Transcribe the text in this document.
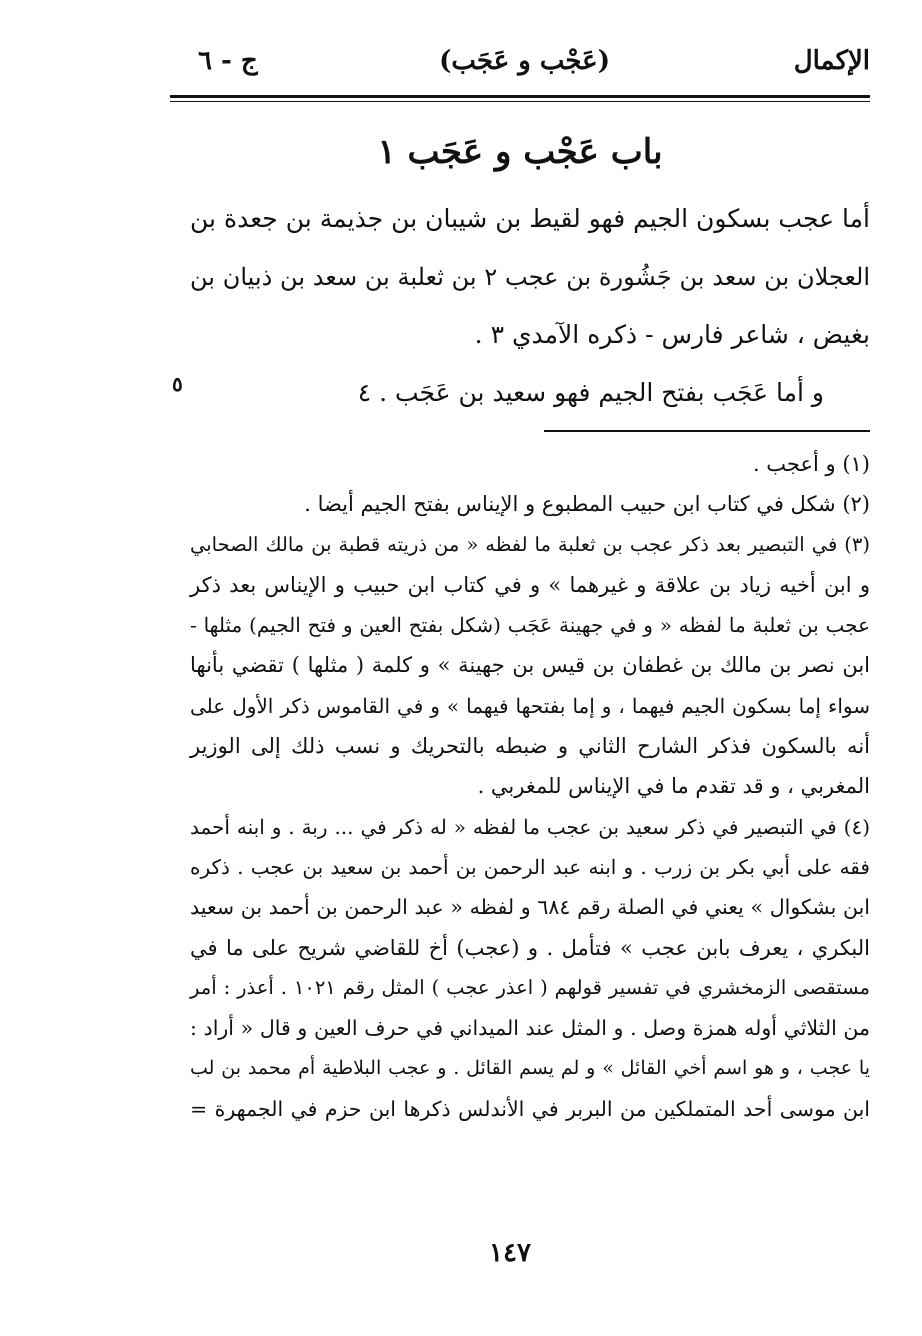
الإكمال
(عَجْب و عَجَب)
ج - ٦
باب عَجْب و عَجَب ١

أما عجب بسكون الجيم فهو لقيط بن شيبان بن جذيمة بن جعدة بن

العجلان بن سعد بن جَشُورة بن عجب ٢ بن ثعلبة بن سعد بن ذبيان بن

بغيض ، شاعر فارس - ذكره الآمدي ٣ .

و أما عَجَب بفتح الجيم فهو سعيد بن عَجَب . ٤

٥

(١) و أعجب .

(٢) شكل في كتاب ابن حبيب المطبوع و الإيناس بفتح الجيم أيضا .

(٣) في التبصير بعد ذكر عجب بن ثعلبة ما لفظه « من ذريته قطبة بن مالك الصحابي

و ابن أخيه زياد بن علاقة و غيرهما » و في كتاب ابن حبيب و الإيناس بعد ذكر

عجب بن ثعلبة ما لفظه « و في جهينة عَجَب (شكل بفتح العين و فتح الجيم) مثلها -

ابن نصر بن مالك بن غطفان بن قيس بن جهينة » و كلمة ( مثلها ) تقضي بأنها

سواء إما بسكون الجيم فيهما ، و إما بفتحها فيهما » و في القاموس ذكر الأول على

أنه بالسكون فذكر الشارح الثاني و ضبطه بالتحريك و نسب ذلك إلى الوزير

المغربي ، و قد تقدم ما في الإيناس للمغربي .

(٤) في التبصير في ذكر سعيد بن عجب ما لفظه « له ذكر في ... ربة . و ابنه أحمد

فقه على أبي بكر بن زرب . و ابنه عبد الرحمن بن أحمد بن سعيد بن عجب . ذكره

ابن بشكوال » يعني في الصلة رقم ٦٨٤ و لفظه « عبد الرحمن بن أحمد بن سعيد

البكري ، يعرف بابن عجب » فتأمل . و (عجب) أخ للقاضي شريح على ما في

مستقصى الزمخشري في تفسير قولهم ( اعذر عجب ) المثل رقم ١٠٢١ . أعذر : أمر

من الثلاثي أوله همزة وصل . و المثل عند الميداني في حرف العين و قال « أراد :

يا عجب ، و هو اسم أخي القائل » و لم يسم القائل . و عجب البلاطية أم محمد بن لب

ابن موسى أحد المتملكين من البربر في الأندلس ذكرها ابن حزم في الجمهرة =

١٤٧
